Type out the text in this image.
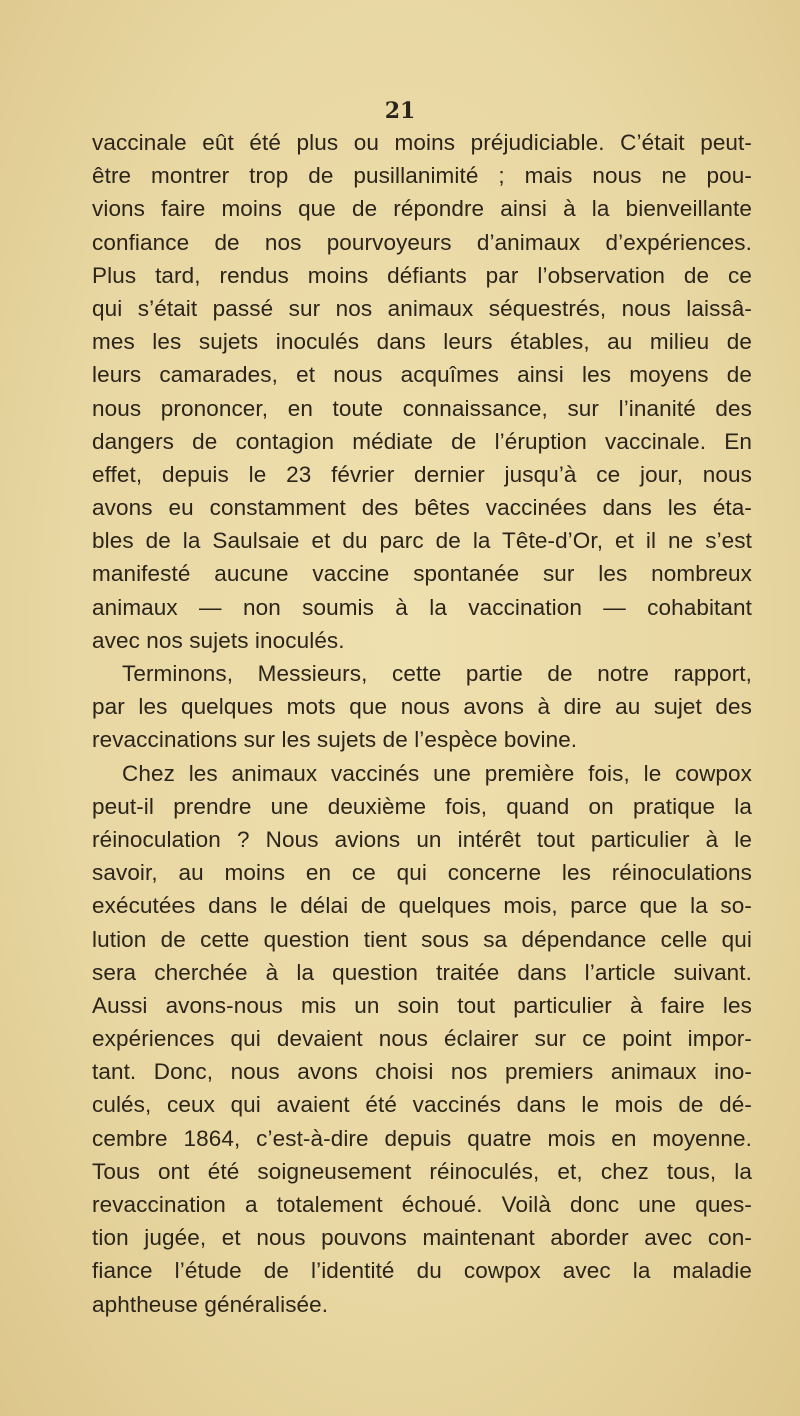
21
vaccinale eût été plus ou moins préjudiciable. C’était peut-
être montrer trop de pusillanimité ; mais nous ne pou-
vions faire moins que de répondre ainsi à la bienveillante
confiance de nos pourvoyeurs d’animaux d’expériences.
Plus tard, rendus moins défiants par l’observation de ce
qui s’était passé sur nos animaux séquestrés, nous laissâ-
mes les sujets inoculés dans leurs étables, au milieu de
leurs camarades, et nous acquîmes ainsi les moyens de
nous prononcer, en toute connaissance, sur l’inanité des
dangers de contagion médiate de l’éruption vaccinale. En
effet, depuis le 23 février dernier jusqu’à ce jour, nous
avons eu constamment des bêtes vaccinées dans les éta-
bles de la Saulsaie et du parc de la Tête-d’Or, et il ne s’est
manifesté aucune vaccine spontanée sur les nombreux
animaux — non soumis à la vaccination — cohabitant
avec nos sujets inoculés.
Terminons, Messieurs, cette partie de notre rapport,
par les quelques mots que nous avons à dire au sujet des
revaccinations sur les sujets de l’espèce bovine.
Chez les animaux vaccinés une première fois, le cowpox
peut-il prendre une deuxième fois, quand on pratique la
réinoculation ? Nous avions un intérêt tout particulier à le
savoir, au moins en ce qui concerne les réinoculations
exécutées dans le délai de quelques mois, parce que la so-
lution de cette question tient sous sa dépendance celle qui
sera cherchée à la question traitée dans l’article suivant.
Aussi avons-nous mis un soin tout particulier à faire les
expériences qui devaient nous éclairer sur ce point impor-
tant. Donc, nous avons choisi nos premiers animaux ino-
culés, ceux qui avaient été vaccinés dans le mois de dé-
cembre 1864, c’est-à-dire depuis quatre mois en moyenne.
Tous ont été soigneusement réinoculés, et, chez tous, la
revaccination a totalement échoué. Voilà donc une ques-
tion jugée, et nous pouvons maintenant aborder avec con-
fiance l’étude de l’identité du cowpox avec la maladie
aphtheuse généralisée.
